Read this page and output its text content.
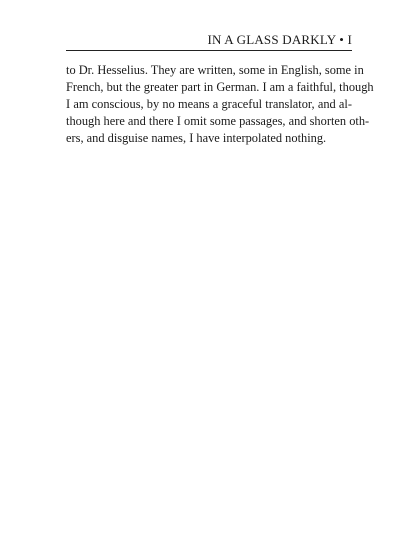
IN A GLASS DARKLY • I

to Dr. Hesselius. They are written, some in English, some in
French, but the greater part in German. I am a faithful, though
I am conscious, by no means a graceful translator, and al-
though here and there I omit some passages, and shorten oth-
ers, and disguise names, I have interpolated nothing.
